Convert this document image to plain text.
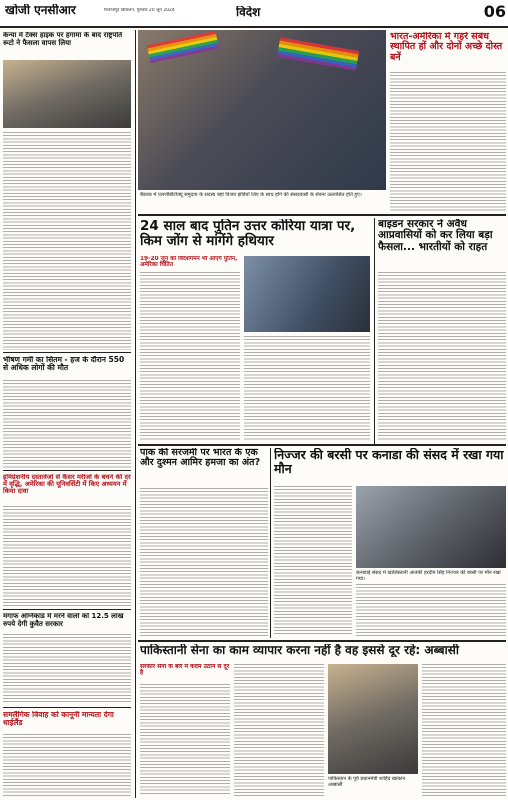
खोजी एनसीआर	फिरोजपुर डिविजन, गुरुवार 20 जून 2024	विदेश	06
केन्या में टैक्स हाइक पर हंगामा के बाद राष्ट्रपति रूटो ने फैसला वापस लिया
भीषण गर्मी का सितम - हज के दौरान 550 से अधिक लोगों की मौत
इमिग्रेशनीय दस्तावेजों से कैंसर मरीजों के बचने की दर में वृद्धि, अमेरिका की यूनिवर्सिटी में किए अध्ययन में किया दावा
मंगाफ अग्निकांड में मरने वालों को 12.5 लाख रुपये देगी कुवैत सरकार
समलैंगिक विवाह को कानूनी मान्यता देगा थाईलैंड
बैंकाक में एलजीबीटीक्यू समुदाय के सदस्य बहां विजय झंडियों लिए के साथ होंगे की संसदवासी के सेवना उल्लासित होते हुए।
भारत-अमेरिका में गहरे संबंध स्थापित हों और दोनों अच्छे दोस्त बनें
24 साल बाद पुतिन उत्तर कोरिया यात्रा पर, किम जोंग से मांगेंगे हथियार
19-20 जून को विदेशगमन भी आएंगे पुतिन, अमेरिका चिंतित
बाइडन सरकार ने अवैध आप्रवासियों को कर लिया बड़ा फैसला... भारतीयों को राहत
पाक की सरजमीं पर भारत के एक और दुश्मन आमिर हमजा का अंत?
निज्जर की बरसी पर कनाडा की संसद में रखा गया मौन
कनाडाई संसद में खालिस्तानी आतंकी हरदीप सिंह निज्जर की बरसी पर मौन रखा गया।
पाकिस्तानी सेना का काम व्यापार करना नहीं है वह इससे दूर रहे: अब्बासी
सरकार सेना के बारे में कदम उठाने से दूर है
पाकिस्तान के पूर्व प्रधानमंत्री शाहिद खाकान अब्बासी
